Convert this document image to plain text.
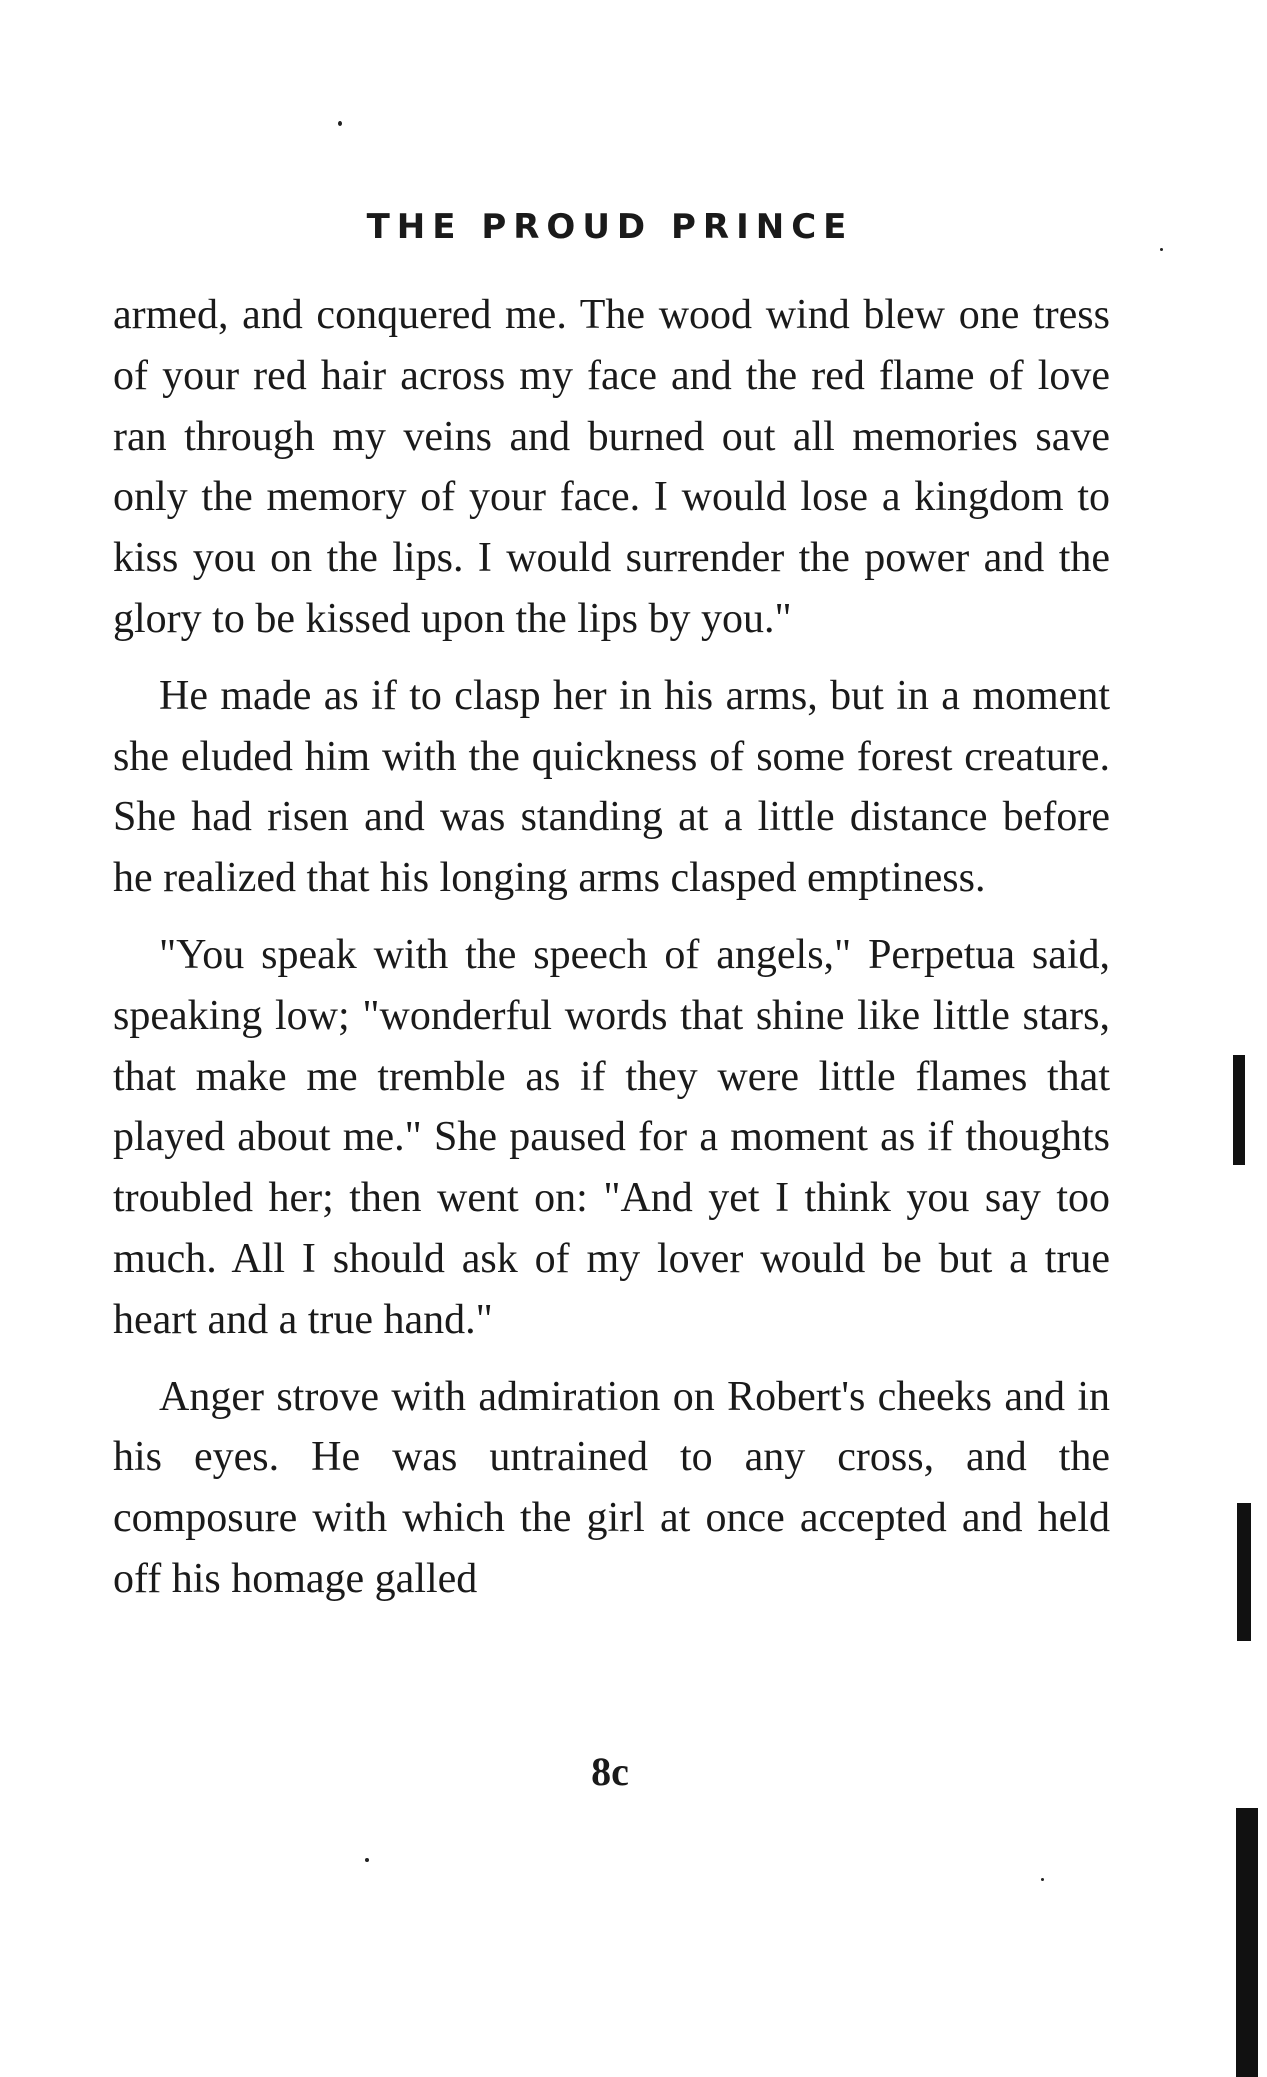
THE PROUD PRINCE

armed, and conquered me. The wood wind blew one tress of your red hair across my face and the red flame of love ran through my veins and burned out all memories save only the memory of your face. I would lose a kingdom to kiss you on the lips. I would surrender the power and the glory to be kissed upon the lips by you."

He made as if to clasp her in his arms, but in a moment she eluded him with the quickness of some forest creature. She had risen and was standing at a little distance before he realized that his longing arms clasped emptiness.

"You speak with the speech of angels," Perpetua said, speaking low; "wonderful words that shine like little stars, that make me tremble as if they were little flames that played about me." She paused for a moment as if thoughts troubled her; then went on: "And yet I think you say too much. All I should ask of my lover would be but a true heart and a true hand."

Anger strove with admiration on Robert's cheeks and in his eyes. He was untrained to any cross, and the composure with which the girl at once accepted and held off his homage galled

8c
